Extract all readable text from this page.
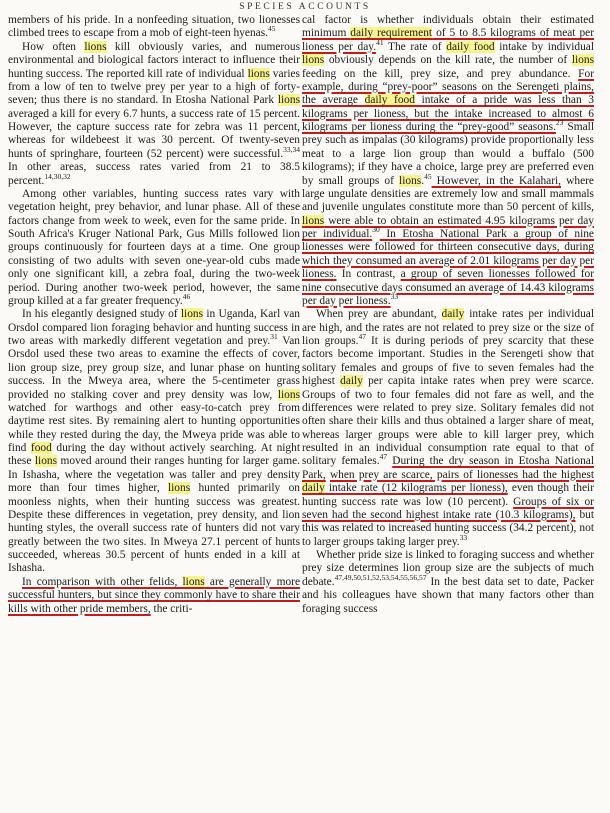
SPECIES ACCOUNTS

members of his pride. In a nonfeeding situation, two lionesses climbed trees to escape from a mob of eight-teen hyenas.$^{45}$

How often lions kill obviously varies, and numerous environmental and biological factors interact to influence their hunting success. The reported kill rate of individual lions varies from a low of ten to twelve prey per year to a high of forty-seven; thus there is no standard. In Etosha National Park lions averaged a kill for every 6.7 hunts, a success rate of 15 percent. However, the capture success rate for zebra was 11 percent, whereas for wildebeest it was 30 percent. Of twenty-seven hunts of springhare, fourteen (52 percent) were successful.$^{33,34}$ In other areas, success rates varied from 21 to 38.5 percent.$^{14,30,32}$

Among other variables, hunting success rates vary with vegetation height, prey behavior, and lunar phase. All of these factors change from week to week, even for the same pride. In South Africa's Kruger National Park, Gus Mills followed lion groups continuously for fourteen days at a time. One group consisting of two adults with seven one-year-old cubs made only one significant kill, a zebra foal, during the two-week period. During another two-week period, however, the same group killed at a far greater frequency.$^{46}$

In his elegantly designed study of lions in Uganda, Karl van Orsdol compared lion foraging behavior and hunting success in two areas with markedly different vegetation and prey.$^{31}$ Van Orsdol used these two areas to examine the effects of cover, lion group size, prey group size, and lunar phase on hunting success. In the Mweya area, where the 5-centimeter grass provided no stalking cover and prey density was low, lions watched for warthogs and other easy-to-catch prey from daytime rest sites. By remaining alert to hunting opportunities while they rested during the day, the Mweya pride was able to find food during the day without actively searching. At night these lions moved around their ranges hunting for larger game. In Ishasha, where the vegetation was taller and prey density more than four times higher, lions hunted primarily on moonless nights, when their hunting success was greatest. Despite these differences in vegetation, prey density, and lion hunting styles, the overall success rate of hunters did not vary greatly between the two sites. In Mweya 27.1 percent of hunts succeeded, whereas 30.5 percent of hunts ended in a kill at Ishasha.

In comparison with other felids, lions are generally more successful hunters, but since they commonly have to share their kills with other pride members, the criti-

cal factor is whether individuals obtain their estimated minimum daily requirement of 5 to 8.5 kilograms of meat per lioness per day.$^{41}$ The rate of daily food intake by individual lions obviously depends on the kill rate, the number of lions feeding on the kill, prey size, and prey abundance. For example, during “prey-poor” seasons on the Serengeti plains, the average daily food intake of a pride was less than 3 kilograms per lioness, but the intake increased to almost 6 kilograms per lioness during the “prey-good” seasons.$^{23}$ Small prey such as impalas (30 kilograms) provide proportionally less meat to a large lion group than would a buffalo (500 kilograms); if they have a choice, large prey are preferred even by small groups of lions.$^{45}$ However, in the Kalahari, where large ungulate densities are extremely low and small mammals and juvenile ungulates constitute more than 50 percent of kills, lions were able to obtain an estimated 4.95 kilograms per day per individual.$^{30}$ In Etosha National Park a group of nine lionesses were followed for thirteen consecutive days, during which they consumed an average of 2.01 kilograms per day per lioness. In contrast, a group of seven lionesses followed for nine consecutive days consumed an average of 14.43 kilograms per day per lioness.$^{33}$

When prey are abundant, daily intake rates per individual are high, and the rates are not related to prey size or the size of lion groups.$^{47}$ It is during periods of prey scarcity that these factors become important. Studies in the Serengeti show that solitary females and groups of five to seven females had the highest daily per capita intake rates when prey were scarce. Groups of two to four females did not fare as well, and the differences were related to prey size. Solitary females did not often share their kills and thus obtained a larger share of meat, whereas larger groups were able to kill larger prey, which resulted in an individual consumption rate equal to that of solitary females.$^{47}$ During the dry season in Etosha National Park, when prey are scarce, pairs of lionesses had the highest daily intake rate (12 kilograms per lioness), even though their hunting success rate was low (10 percent). Groups of six or seven had the second highest intake rate (10.3 kilograms), but this was related to increased hunting success (34.2 percent), not to larger groups taking larger prey.$^{33}$

Whether pride size is linked to foraging success and whether prey size determines lion group size are the subjects of much debate.$^{47,49,50,51,52,53,54,55,56,57}$ In the best data set to date, Packer and his colleagues have shown that many factors other than foraging success
